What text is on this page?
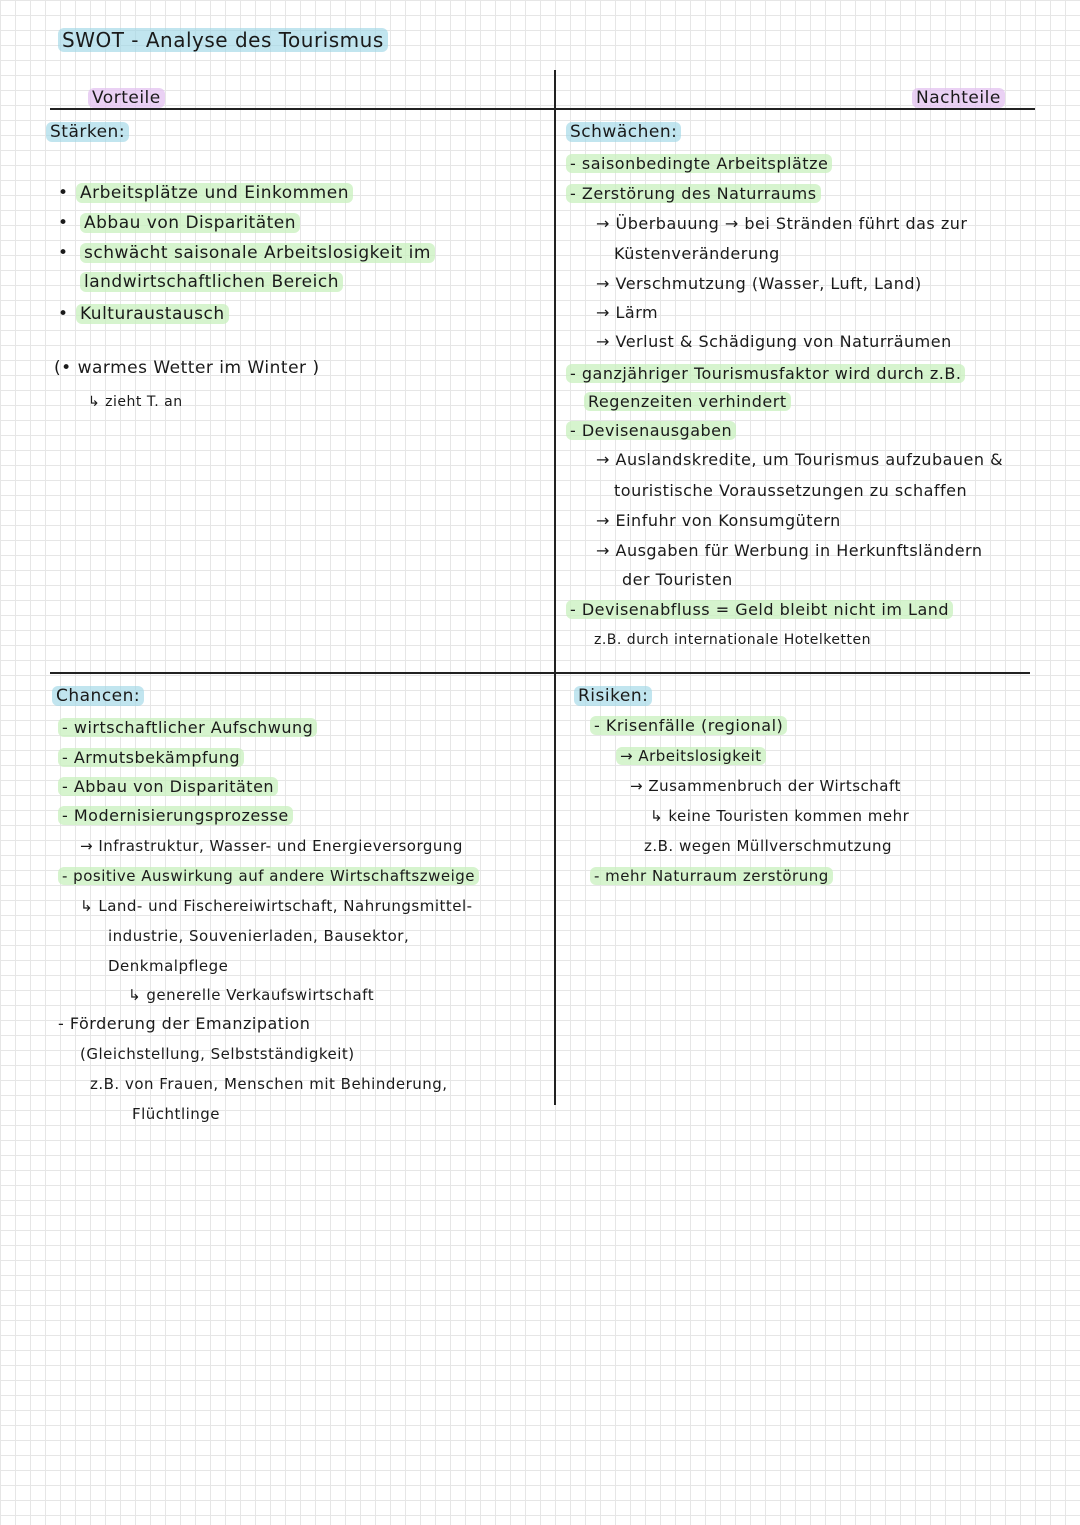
SWOT - Analyse des Tourismus
Vorteile	Nachteile
Stärken:
• Arbeitsplätze und Einkommen
• Abbau von Disparitäten
• schwächt saisonale Arbeitslosigkeit im
landwirtschaftlichen Bereich
• Kulturaustausch
(• warmes Wetter im Winter )
↳ zieht T. an
Schwächen:
- saisonbedingte Arbeitsplätze
- Zerstörung des Naturraums
→ Überbauung → bei Stränden führt das zur
Küstenveränderung
→ Verschmutzung (Wasser, Luft, Land)
→ Lärm
→ Verlust & Schädigung von Naturräumen
- ganzjähriger Tourismusfaktor wird durch z.B.
Regenzeiten verhindert
- Devisenausgaben
→ Auslandskredite, um Tourismus aufzubauen &
touristische Voraussetzungen zu schaffen
→ Einfuhr von Konsumgütern
→ Ausgaben für Werbung in Herkunftsländern
der Touristen
- Devisenabfluss = Geld bleibt nicht im Land
z.B. durch internationale Hotelketten
Chancen:
- wirtschaftlicher Aufschwung
- Armutsbekämpfung
- Abbau von Disparitäten
- Modernisierungsprozesse
→ Infrastruktur, Wasser- und Energieversorgung
- positive Auswirkung auf andere Wirtschaftszweige
↳ Land- und Fischereiwirtschaft, Nahrungsmittel-
industrie, Souvenierladen, Bausektor,
Denkmalpflege
↳ generelle Verkaufswirtschaft
- Förderung der Emanzipation
(Gleichstellung, Selbstständigkeit)
z.B. von Frauen, Menschen mit Behinderung,
Flüchtlinge
Risiken:
- Krisenfälle (regional)
→ Arbeitslosigkeit
→ Zusammenbruch der Wirtschaft
↳ keine Touristen kommen mehr
z.B. wegen Müllverschmutzung
- mehr Naturraum zerstörung
